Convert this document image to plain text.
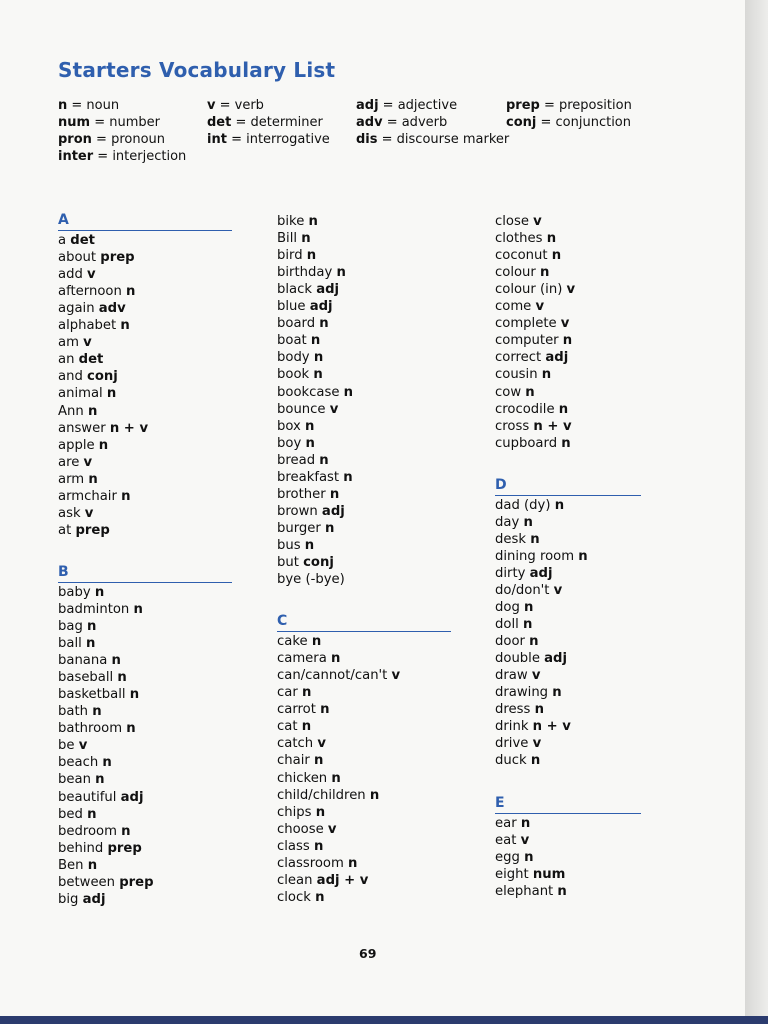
Starters Vocabulary List
n = noun	v = verb	adj = adjective	prep = preposition
num = number	det = determiner	adv = adverb	conj = conjunction
pron = pronoun	int = interrogative dis = discourse marker
inter = interjection
A
a det
about prep
add v
afternoon n
again adv
alphabet n
am v
an det
and conj
animal n
Ann n
answer n + v
apple n
are v
arm n
armchair n
ask v
at prep
B
baby n
badminton n
bag n
ball n
banana n
baseball n
basketball n
bath n
bathroom n
be v
beach n
bean n
beautiful adj
bed n
bedroom n
behind prep
Ben n
between prep
big adj
bike n
Bill n
bird n
birthday n
black adj
blue adj
board n
boat n
body n
book n
bookcase n
bounce v
box n
boy n
bread n
breakfast n
brother n
brown adj
burger n
bus n
but conj
bye (-bye)
C
cake n
camera n
can/cannot/can't v
car n
carrot n
cat n
catch v
chair n
chicken n
child/children n
chips n
choose v
class n
classroom n
clean adj + v
clock n
close v
clothes n
coconut n
colour n
colour (in) v
come v
complete v
computer n
correct adj
cousin n
cow n
crocodile n
cross n + v
cupboard n
D
dad (dy) n
day n
desk n
dining room n
dirty adj
do/don't v
dog n
doll n
door n
double adj
draw v
drawing n
dress n
drink n + v
drive v
duck n
E
ear n
eat v
egg n
eight num
elephant n
69
